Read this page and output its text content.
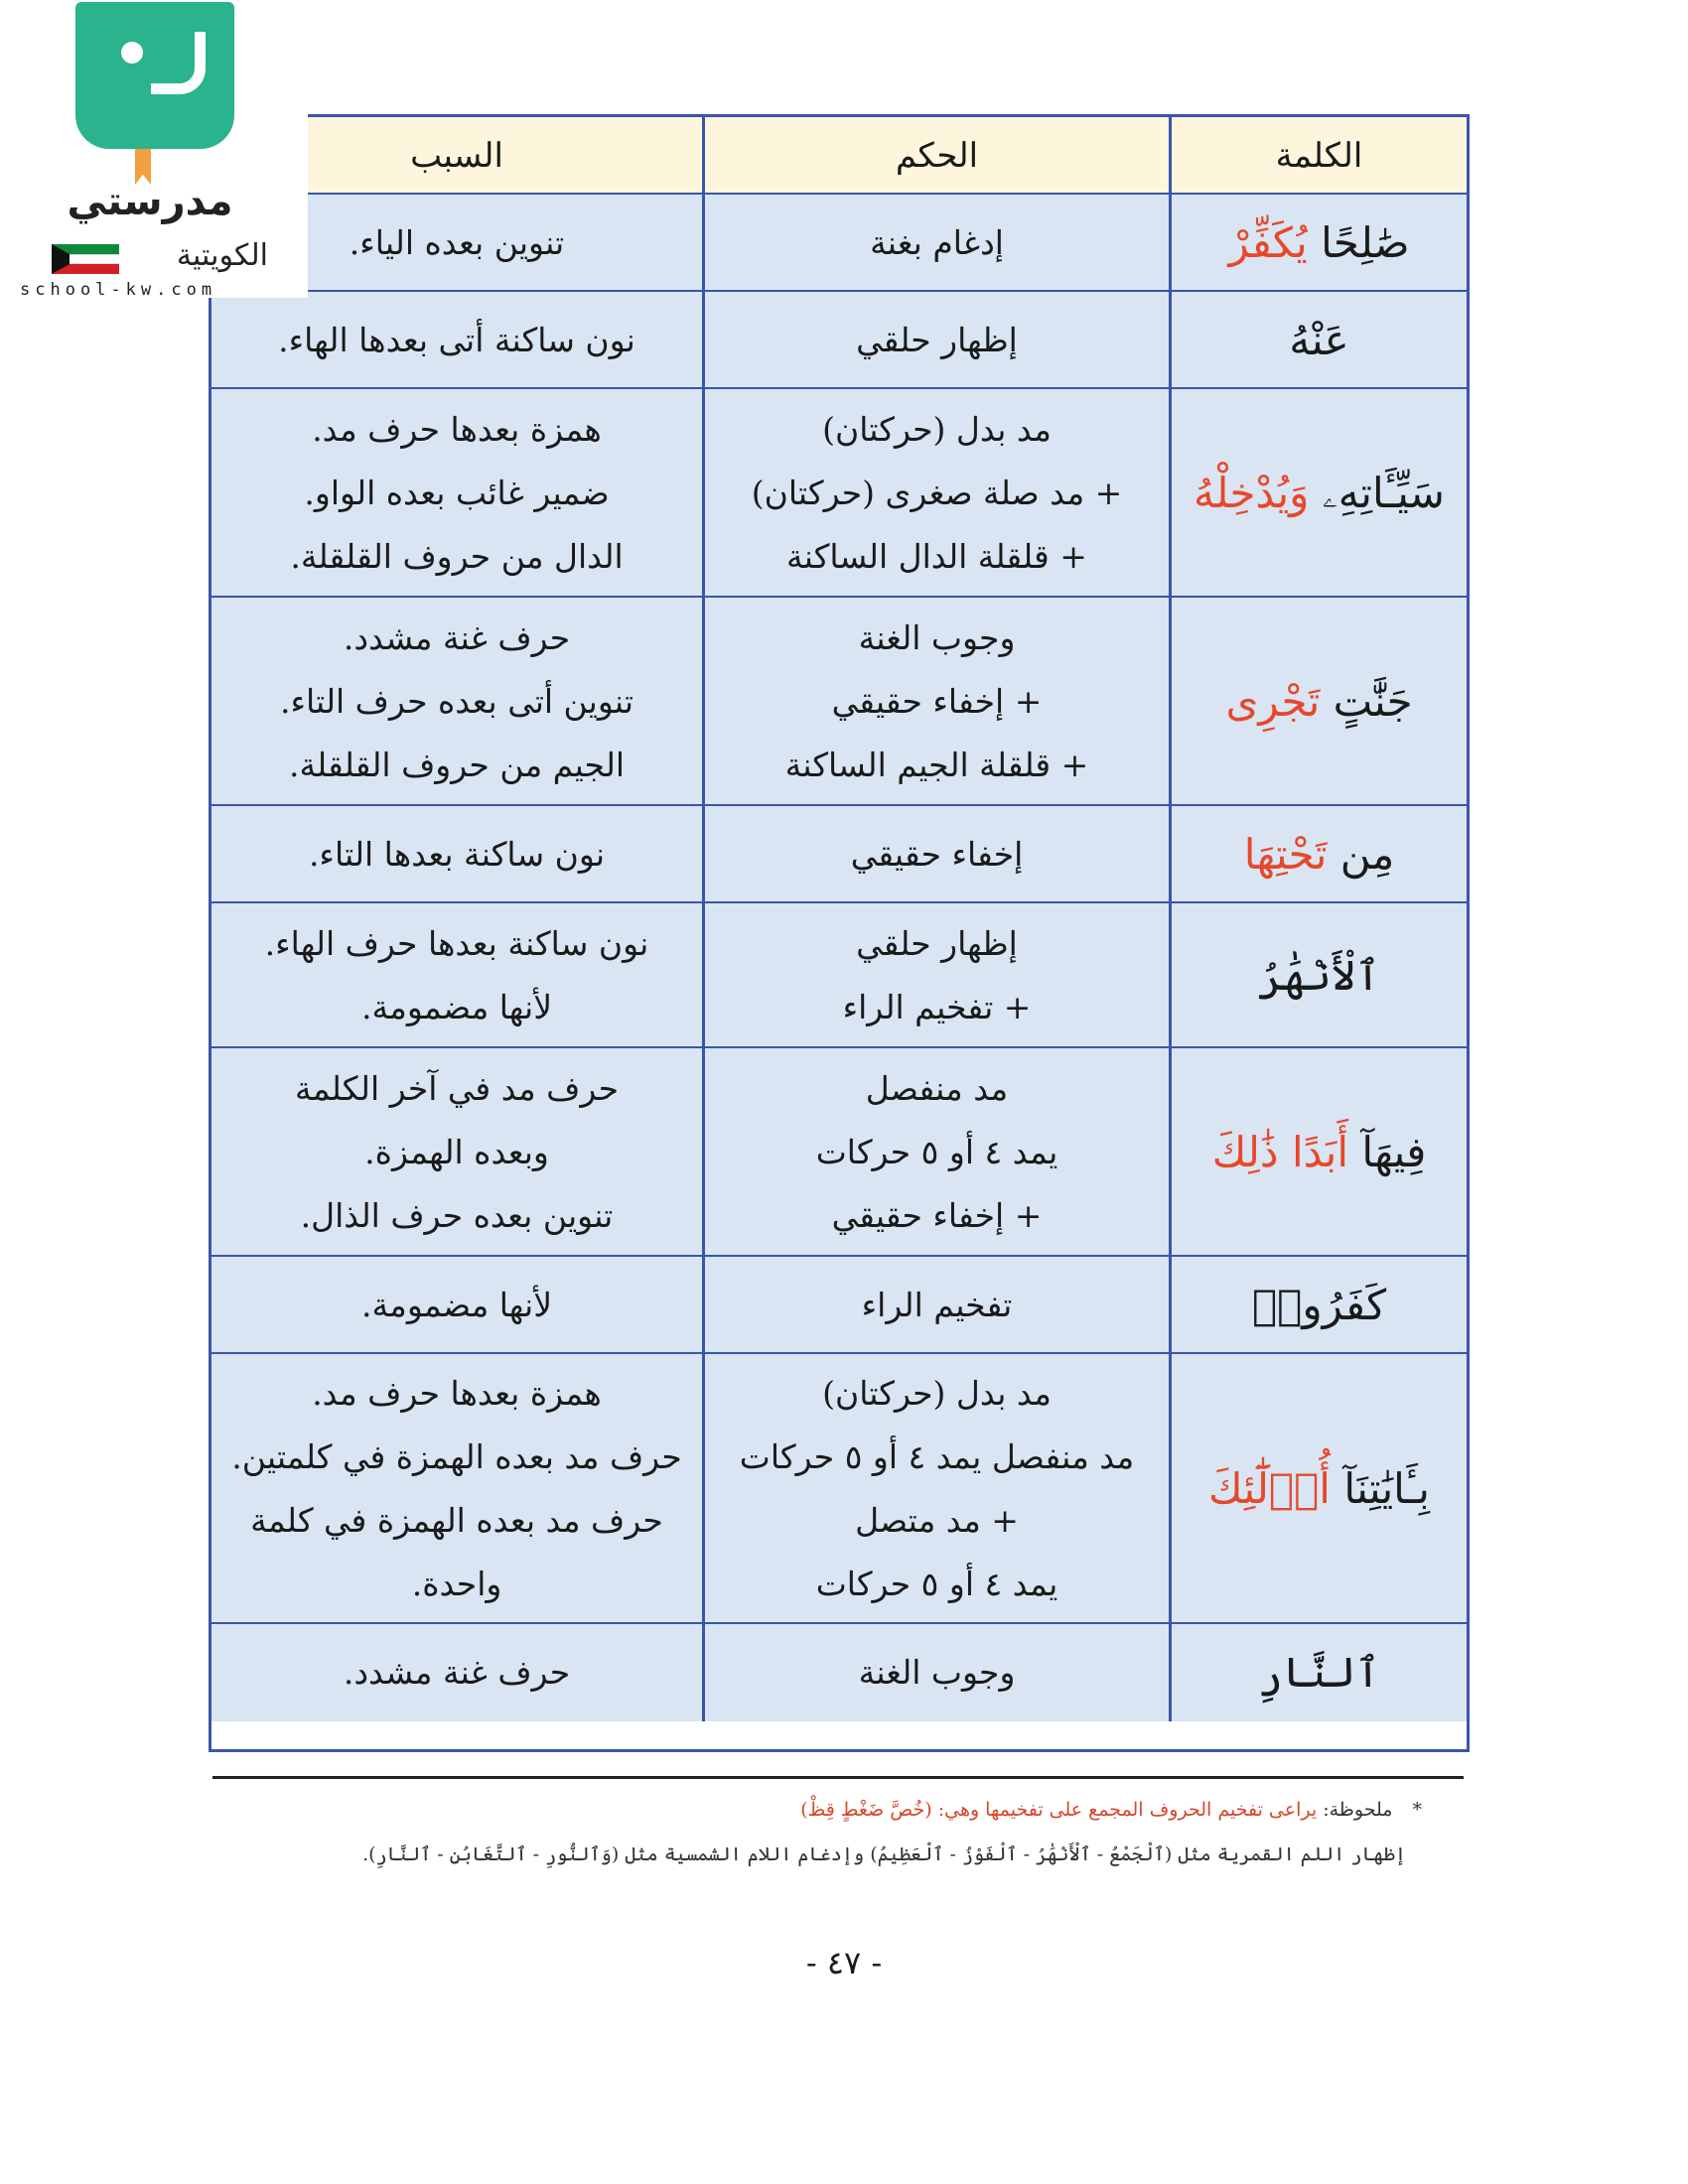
مدرستي
الكويتية
school-kw.com
الكلمة
الحكم
السبب
صَٰلِحًا يُكَفِّرْ
إدغام بغنة
تنوين بعده الياء.
عَنْهُ
إظهار حلقي
نون ساكنة أتى بعدها الهاء.
سَيِّـَٔاتِهِۦ وَيُدْخِلْهُ
مد بدل (حركتان)
+ مد صلة صغرى (حركتان)
+ قلقلة الدال الساكنة
همزة بعدها حرف مد.
ضمير غائب بعده الواو.
الدال من حروف القلقلة.
جَنَّٰتٍ تَجْرِى
وجوب الغنة
+ إخفاء حقيقي
+ قلقلة الجيم الساكنة
حرف غنة مشدد.
تنوين أتى بعده حرف التاء.
الجيم من حروف القلقلة.
مِن تَحْتِهَا
إخفاء حقيقي
نون ساكنة بعدها التاء.
ٱلْأَنْهَٰرُ
إظهار حلقي
+ تفخيم الراء
نون ساكنة بعدها حرف الهاء.
لأنها مضمومة.
فِيهَآ أَبَدًا ذَٰلِكَ
مد منفصل
يمد ٤ أو ٥ حركات
+ إخفاء حقيقي
حرف مد في آخر الكلمة
وبعده الهمزة.
تنوين بعده حرف الذال.
كَفَرُوا۟
تفخيم الراء
لأنها مضمومة.
بِـَٔايَٰتِنَآ أُو۟لَٰٓئِكَ
مد بدل (حركتان)
مد منفصل يمد ٤ أو ٥ حركات
+ مد متصل
يمد ٤ أو ٥ حركات
همزة بعدها حرف مد.
حرف مد بعده الهمزة في كلمتين.
حرف مد بعده الهمزة في كلمة
واحدة.
ٱلنَّارِ
وجوب الغنة
حرف غنة مشدد.
* ملحوظة: يراعى تفخيم الحروف المجمع على تفخيمها وهي: (خُصَّ ضَغْطٍ قِظْ)
إظهار اللم القمرية مثل (ٱلْجَمْعُ - ٱلْأَنْهَٰرُ - ٱلْفَوْزُ - ٱلْعَظِيمُ) وإدغام اللام الشمسية مثل (وَٱلنُّورِ - ٱلتَّغَابُنِ - ٱلنَّارِ).
- ٤٧ -
